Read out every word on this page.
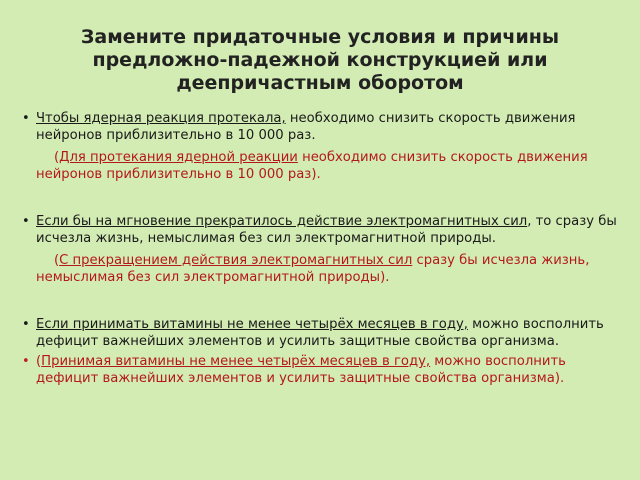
Замените придаточные условия и причины
предложно-падежной конструкцией или
деепричастным оборотом

• Чтобы ядерная реакция протекала, необходимо снизить скорость движения нейронов приблизительно в 10 000 раз.

(Для протекания ядерной реакции необходимо снизить скорость движения нейронов приблизительно в 10 000 раз).

• Если бы на мгновение прекратилось действие электромагнитных сил, то сразу бы исчезла жизнь, немыслимая без сил электромагнитной природы.

(С прекращением действия электромагнитных сил сразу бы исчезла жизнь, немыслимая без сил электромагнитной природы).

• Если принимать витамины не менее четырёх месяцев в году, можно восполнить дефицит важнейших элементов и усилить защитные свойства организма.

• (Принимая витамины не менее четырёх месяцев в году, можно восполнить дефицит важнейших элементов и усилить защитные свойства организма).
